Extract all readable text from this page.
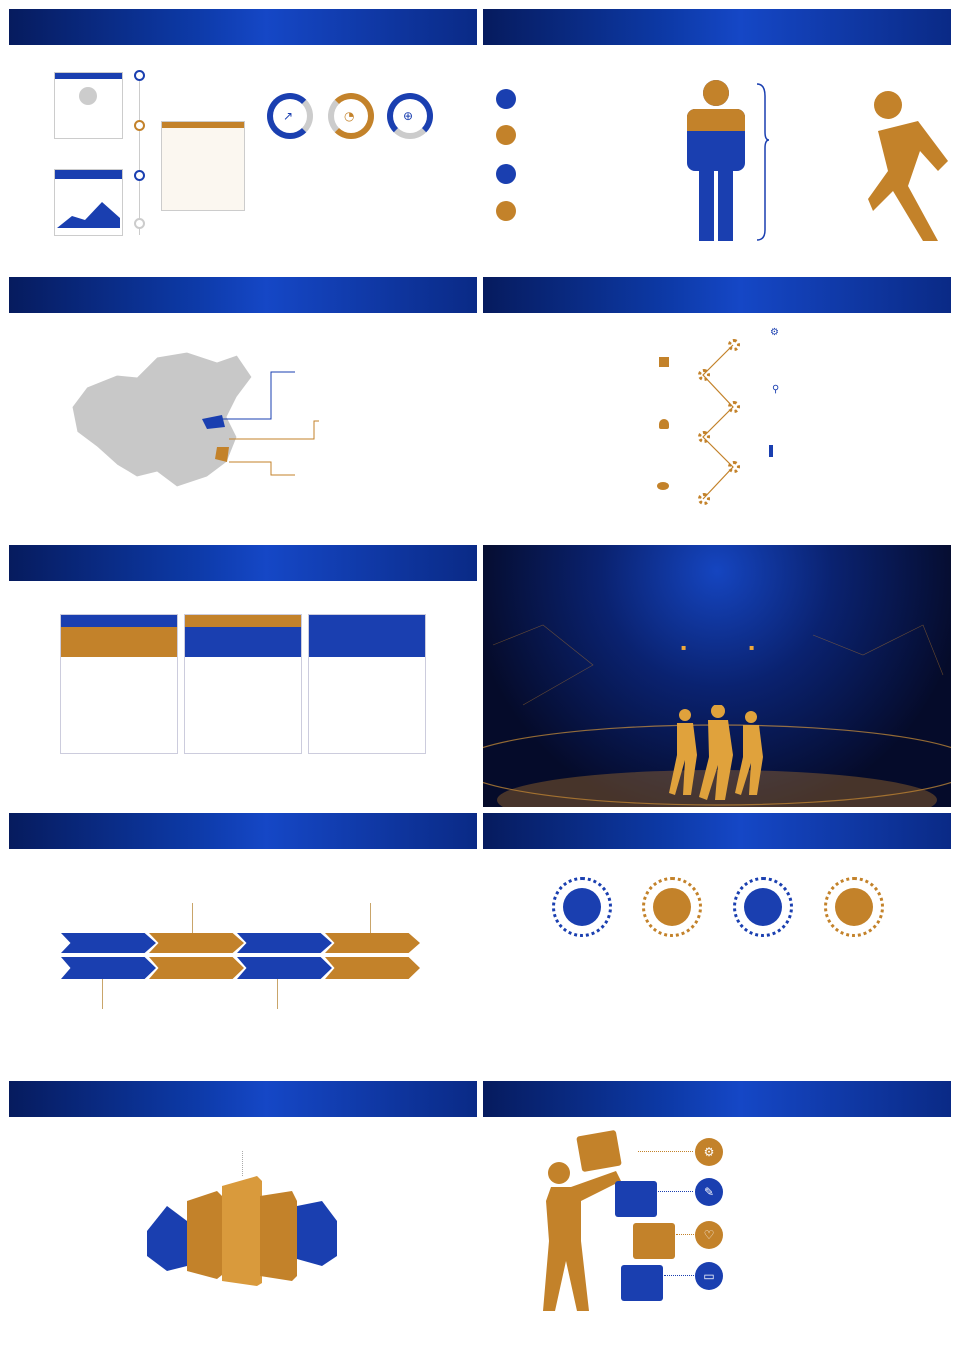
↗	◔	⊕
⚙
⚲
▪	▪
⚙
✎
♡
▭
